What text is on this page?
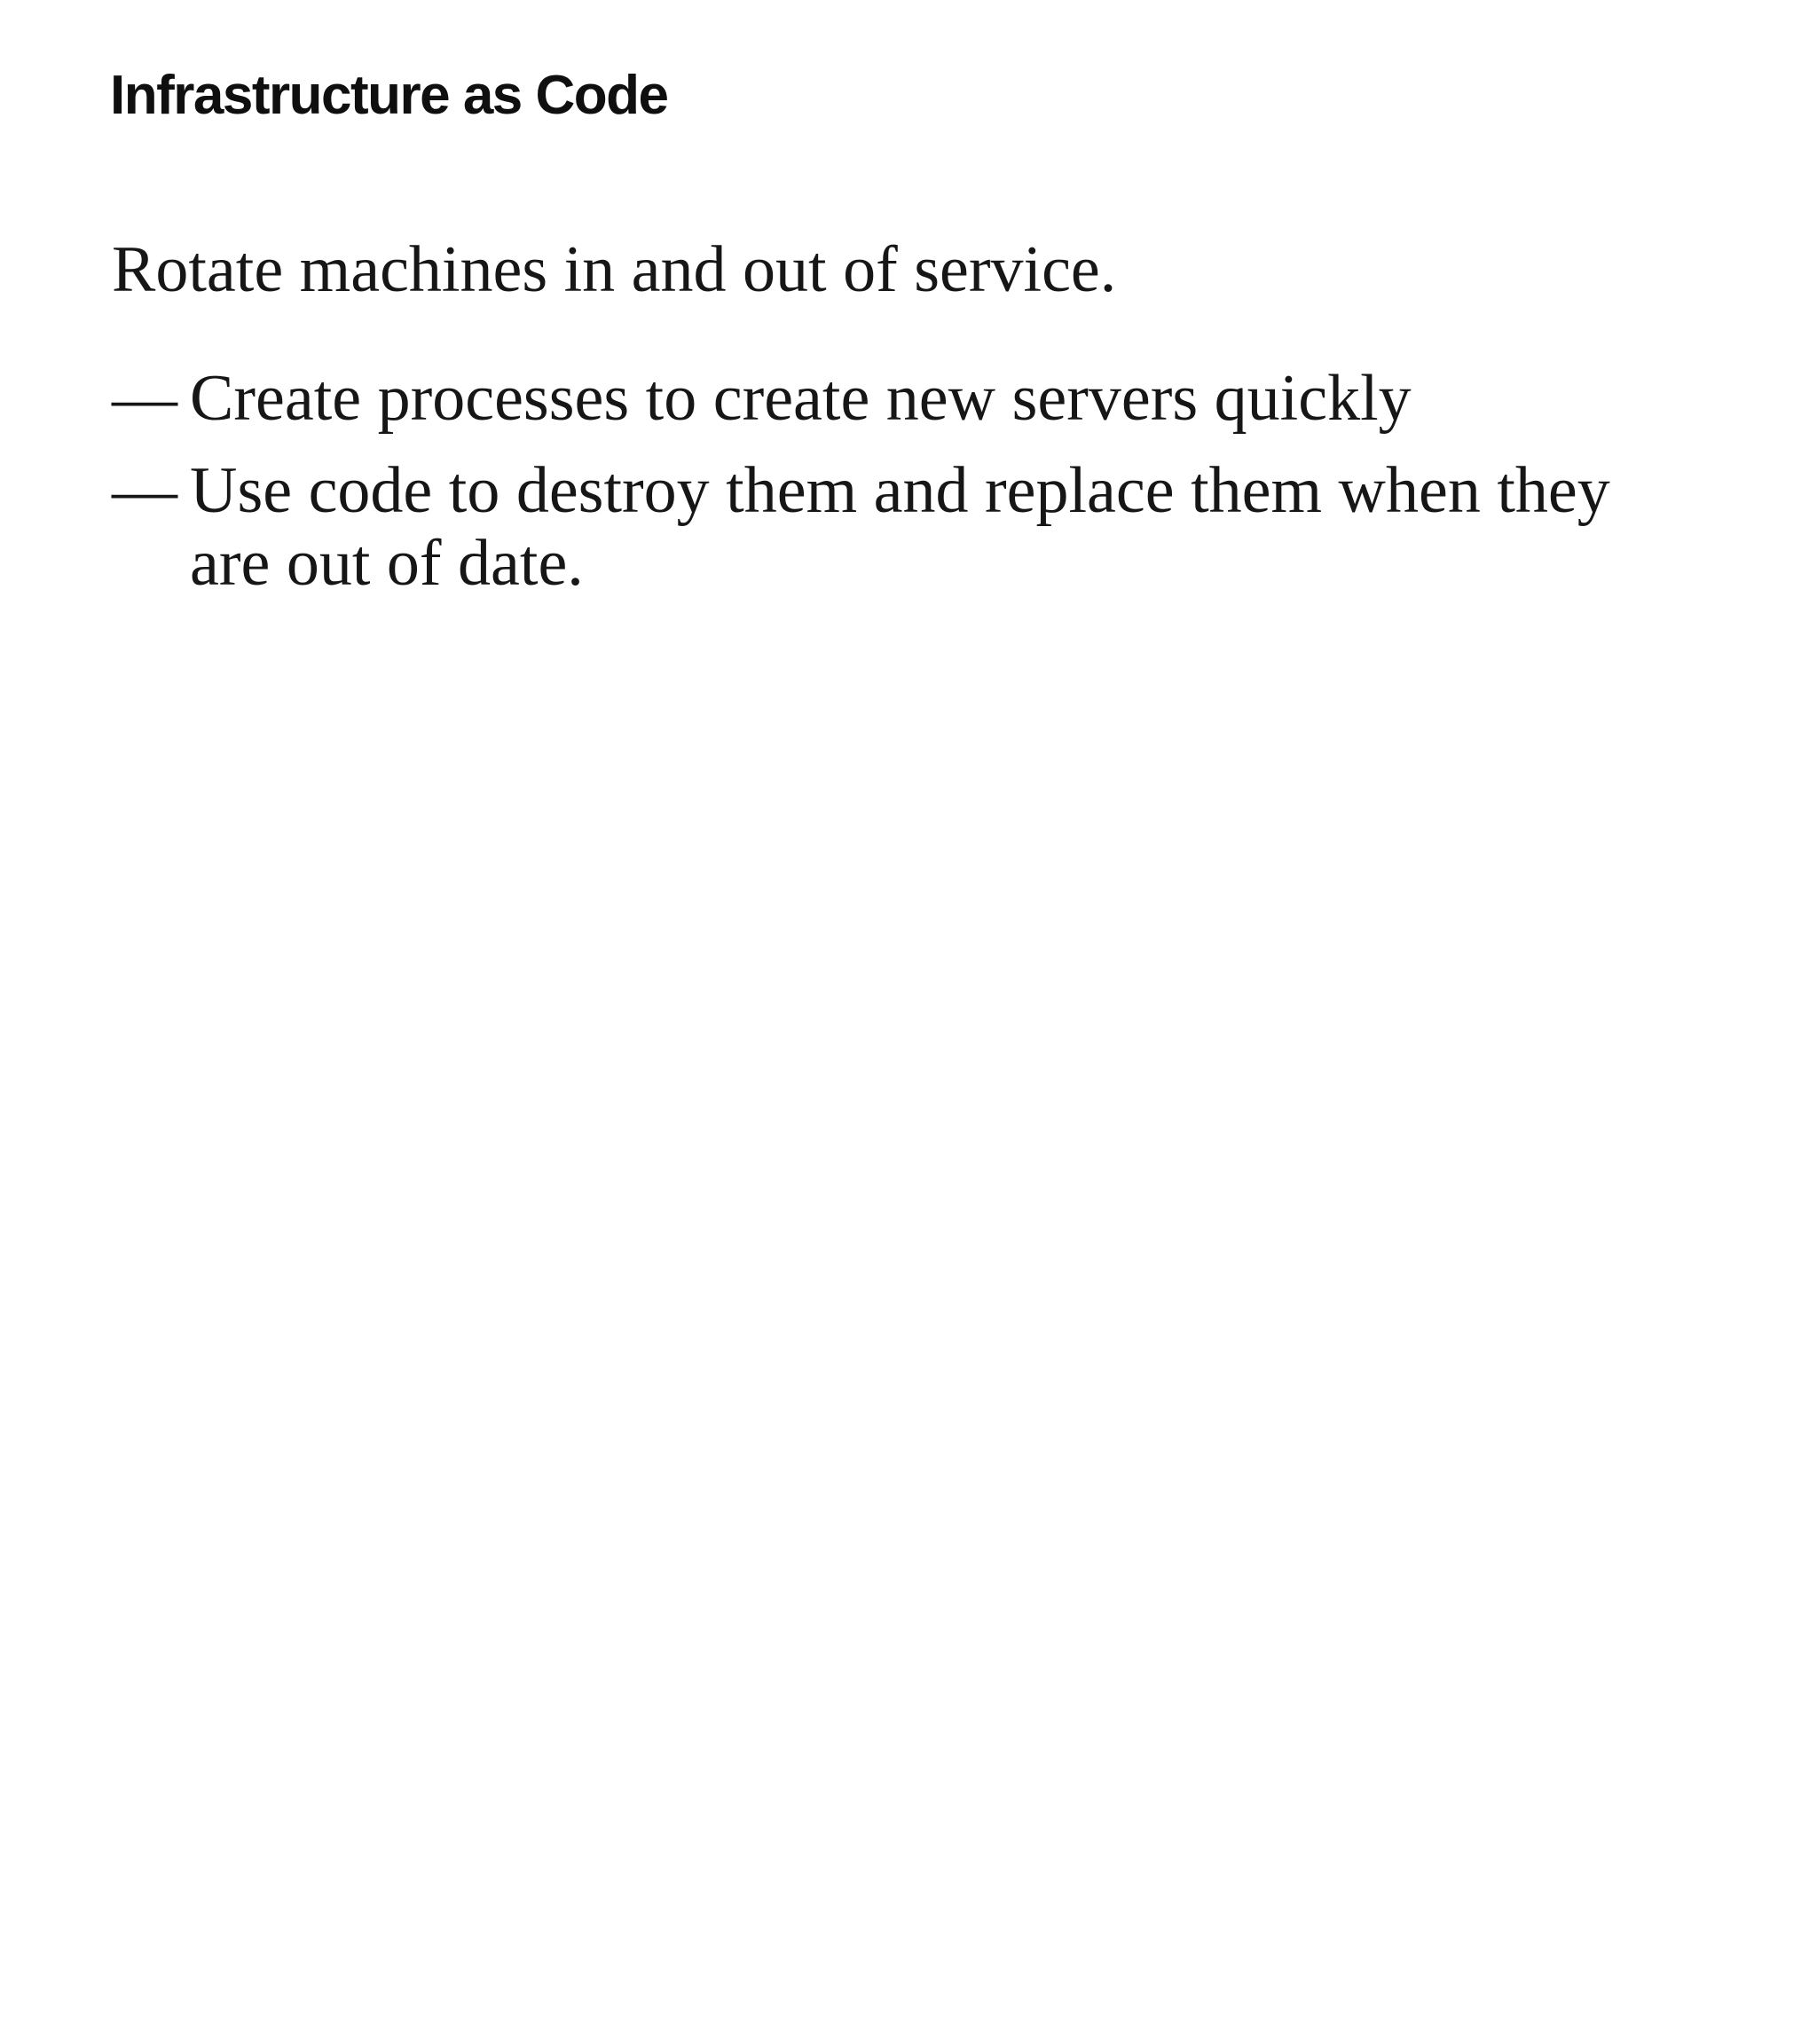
Infrastructure as Code

Rotate machines in and out of service.

— Create processes to create new servers quickly
— Use code to destroy them and replace them when they are out of date.
